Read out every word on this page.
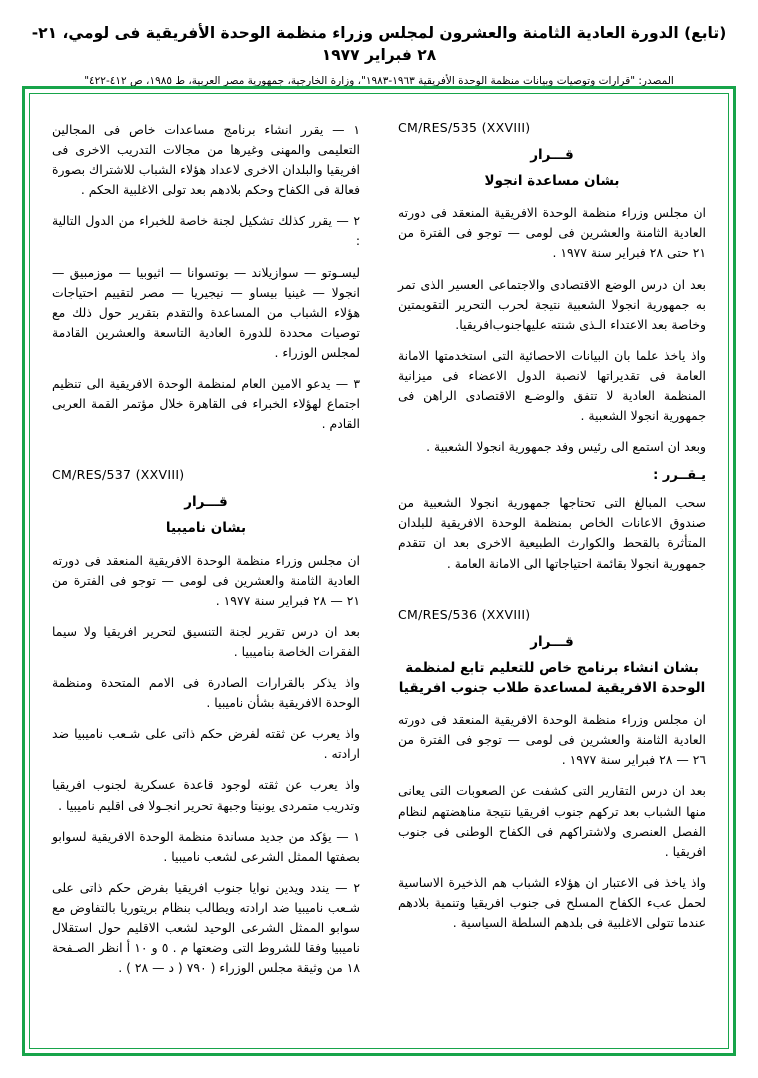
(تابع) الدورة العادية الثامنة والعشرون لمجلس وزراء منظمة الوحدة الأفريقية فى لومي، ٢١- ٢٨ فبراير ١٩٧٧
المصدر: "قرارات وتوصيات وبيانات منظمة الوحدة الأفريقية ١٩٦٣-١٩٨٣"، وزارة الخارجية، جمهورية مصر العربية، ط ١٩٨٥، ص ٤١٢-٤٢٢"
CM/RES/535 (XXVIII)
قـــرار
بشان مساعدة انجولا

ان مجلس وزراء منظمة الوحدة الافريقية المنعقد فى دورته العادية الثامنة والعشرين فى لومى — توجو فى الفترة من ٢١ حتى ٢٨ فبراير سنة ١٩٧٧ .

بعد ان درس الوضع الاقتصادى والاجتماعى العسير الذى تمر به جمهورية انجولا الشعبية نتيجة لحرب التحرير التقويمتين وخاصة بعد الاعتداء الـذى شنته عليهاجنوب‌افريقيا.

واذ ياخذ علما بان البيانات الاحصائية التى استخدمتها الامانة العامة فى تقديراتها لانصبة الدول الاعضاء فى ميزانية المنظمة العادية لا تتفق والوضـع الاقتصادى الراهن فى جمهورية انجولا الشعبية .

وبعد ان استمع الى رئيس وفد جمهورية انجولا الشعبية .

يـقــرر :

سحب المبالغ التى تحتاجها جمهورية انجولا الشعبية من صندوق الاعانات الخاص بمنظمة الوحدة الافريقية للبلدان المتأثرة بالقحط والكوارث الطبيعية الاخرى بعد ان تتقدم جمهورية انجولا بقائمة احتياجاتها الى الامانة العامة .

CM/RES/536 (XXVIII)
قـــرار
بشان انشاء برنامج خاص للتعليم تابع لمنظمة الوحدة الافريقية لمساعدة طلاب جنوب افريقيا

ان مجلس وزراء منظمة الوحدة الافريقية المنعقد فى دورته العادية الثامنة والعشرين فى لومى — توجو فى الفترة من ٢٦ — ٢٨ فبراير سنة ١٩٧٧ .

بعد ان درس التقارير التى كشفت عن الصعوبات التى يعانى منها الشباب بعد تركهم جنوب افريقيا نتيجة مناهضتهم لنظام الفصل العنصرى ولاشتراكهم فى الكفاح الوطنى فى جنوب افريقيا .

واذ ياخذ فى الاعتبار ان هؤلاء الشباب هم الذخيرة الاساسية لحمل عبء الكفاح المسلح فى جنوب افريقيا وتنمية بلادهم عندما تتولى الاغلبية فى بلدهم السلطة السياسية .

١ — يقرر انشاء برنامج مساعدات خاص فى المجالين التعليمى والمهنى وغيرها من مجالات التدريب الاخرى فى افريقيا والبلدان الاخرى لاعداد هؤلاء الشباب للاشتراك بصورة فعالة فى الكفاح وحكم بلادهم بعد تولى الاغلبية الحكم .

٢ — يقرر كذلك تشكيل لجنة خاصة للخبراء من الدول التالية :

ليسـوتو — سوازيلاند — بوتسوانا — اثيوبيا — موزمبيق — انجولا — غينيا بيساو — نيجيريا — مصر لتقييم احتياجات هؤلاء الشباب من المساعدة والتقدم بتقرير حول ذلك مع توصيات محددة للدورة العادية التاسعة والعشرين القادمة لمجلس الوزراء .

٣ — يدعو الامين العام لمنظمة الوحدة الافريقية الى تنظيم اجتماع لهؤلاء الخبراء فى القاهرة خلال مؤتمر القمة العربى القادم .

CM/RES/537 (XXVIII)
قـــرار
بشان ناميبيا

ان مجلس وزراء منظمة الوحدة الافريقية المنعقد فى دورته العادية الثامنة والعشرين فى لومى — توجو فى الفترة من ٢١ — ٢٨ فبراير سنة ١٩٧٧ .

بعد ان درس تقرير لجنة التنسيق لتحرير افريقيا ولا سيما الفقرات الخاصة بناميبيا .

واذ يذكر بالقرارات الصادرة فى الامم المتحدة ومنظمة الوحدة الافريقية بشأن ناميبيا .

واذ يعرب عن ثقته لفرض حكم ذاتى على شـعب ناميبيا ضد ارادته .

واذ يعرب عن ثقته لوجود قاعدة عسكرية لجنوب افريقيا وتدريب متمردى يونيتا وجبهة تحرير انجـولا فى اقليم ناميبيا .

١ — يؤكد من جديد مساندة منظمة الوحدة الافريقية لسوابو بصفتها الممثل الشرعى لشعب ناميبيا .

٢ — يندد ويدين نوايا جنوب افريقيا بفرض حكم ذاتى على شـعب ناميبيا ضد ارادته ويطالب بنظام بريتوريا بالتفاوض مع سوابو الممثل الشرعى الوحيد لشعب الاقليم حول استقلال ناميبيا وفقا للشروط التى وضعتها م . ٥ و ١٠ أ انظر الصـفحة ١٨ من وثيقة مجلس الوزراء ( ٧٩٠ ( د — ٢٨ ) .
